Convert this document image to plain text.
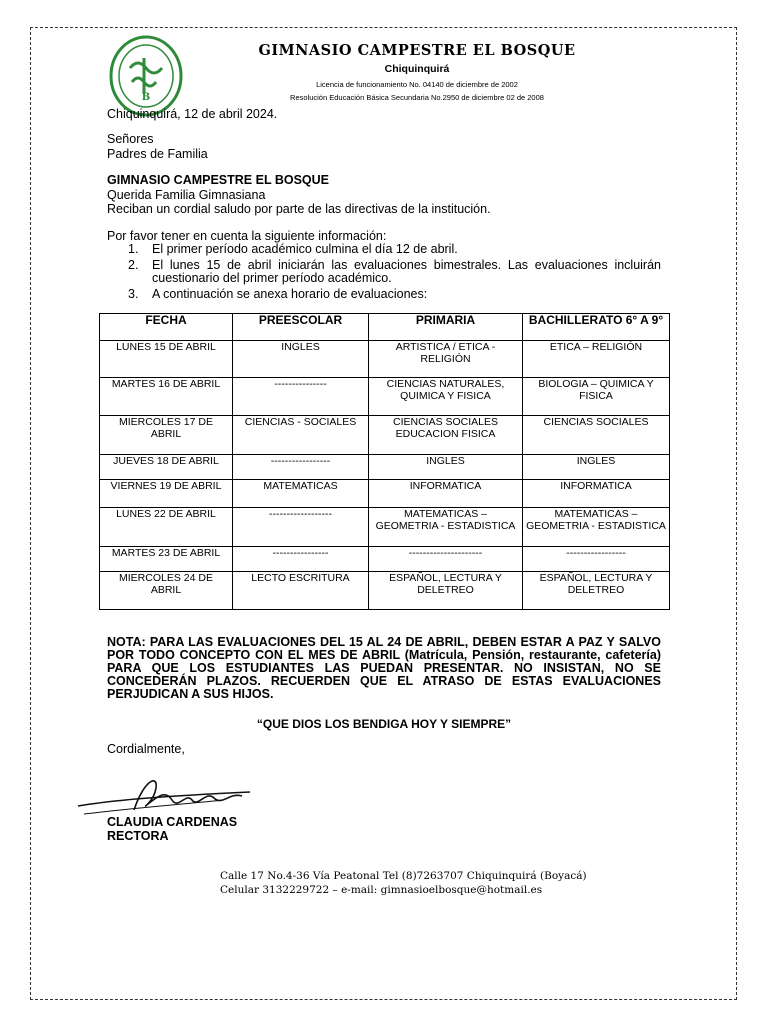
B
GIMNASIO CAMPESTRE EL BOSQUE
Chiquinquirá
Licencia de funcionamiento No. 04140 de diciembre de 2002
Resolución Educación Básica Secundaria No.2950 de diciembre 02 de 2008
Chiquinquirá, 12 de abril 2024.
Señores
Padres de Familia
GIMNASIO CAMPESTRE EL BOSQUE
Querida Familia Gimnasiana
Reciban un cordial saludo por parte de las directivas de la institución.
Por favor tener en cuenta la siguiente información:
1.	El primer período académico culmina el día 12 de abril.
2.	El lunes 15 de abril iniciarán las evaluaciones bimestrales. Las evaluaciones incluirán cuestionario del primer período académico.
3.	A continuación se anexa horario de evaluaciones:
FECHA	PREESCOLAR	PRIMARIA	BACHILLERATO 6° A 9°
LUNES 15 DE ABRIL	INGLES	ARTISTICA / ETICA - RELIGIÓN	ETICA – RELIGIÓN
MARTES 16 DE ABRIL	---------------	CIENCIAS NATURALES, QUIMICA Y FISICA	BIOLOGIA – QUIMICA Y FISICA
MIERCOLES 17 DE ABRIL	CIENCIAS - SOCIALES	CIENCIAS SOCIALES EDUCACION FISICA	CIENCIAS SOCIALES
JUEVES 18 DE ABRIL	-----------------	INGLES	INGLES
VIERNES 19 DE ABRIL	MATEMATICAS	INFORMATICA	INFORMATICA
LUNES 22 DE ABRIL	------------------	MATEMATICAS – GEOMETRIA - ESTADISTICA	MATEMATICAS – GEOMETRIA - ESTADISTICA
MARTES 23 DE ABRIL	----------------	---------------------	-----------------
MIERCOLES 24 DE ABRIL	LECTO ESCRITURA	ESPAÑOL, LECTURA Y DELETREO	ESPAÑOL, LECTURA Y DELETREO
NOTA: PARA LAS EVALUACIONES DEL 15 AL 24 DE ABRIL, DEBEN ESTAR A PAZ Y SALVO POR TODO CONCEPTO CON EL MES DE ABRIL (Matrícula, Pensión, restaurante, cafetería) PARA QUE LOS ESTUDIANTES LAS PUEDAN PRESENTAR. NO INSISTAN, NO SE CONCEDERÁN PLAZOS. RECUERDEN QUE EL ATRASO DE ESTAS EVALUACIONES PERJUDICAN A SUS HIJOS.
“QUE DIOS LOS BENDIGA HOY Y SIEMPRE”
Cordialmente,
CLAUDIA CARDENAS
RECTORA
Calle 17 No.4-36 Vía Peatonal Tel (8)7263707 Chiquinquirá (Boyacá)
Celular 3132229722 – e-mail: gimnasioelbosque@hotmail.es
